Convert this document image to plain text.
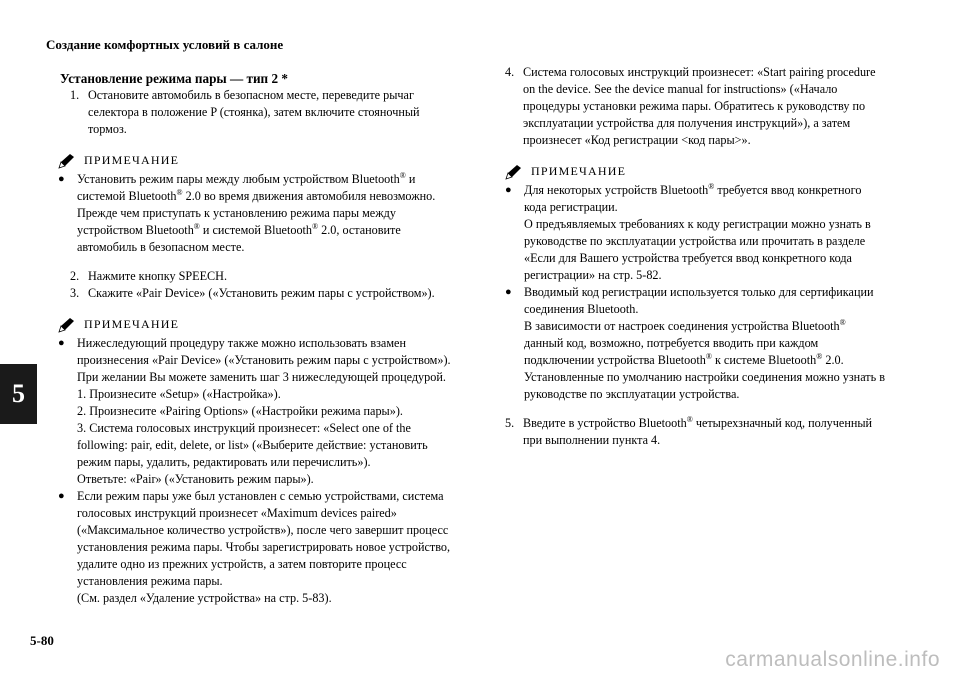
Создание комфортных условий в салоне
5
Установление режима пары — тип 2 *
1. Остановите автомобиль в безопасном месте, переведите рычаг селектора в положение P (стоянка), затем включите стояночный тормоз.
ПРИМЕЧАНИЕ
●	Установить режим пары между любым устройством Bluetooth® и системой Bluetooth® 2.0 во время движения автомобиля невозможно. Прежде чем приступать к установлению режима пары между устройством Bluetooth® и системой Bluetooth® 2.0, остановите автомобиль в безопасном месте.
2. Нажмите кнопку SPEECH.
3. Скажите «Pair Device» («Установить режим пары с устройством»).
ПРИМЕЧАНИЕ
●	Нижеследующий процедуру также можно использовать взамен произнесения «Pair Device» («Установить режим пары с устройством»).
При желании Вы можете заменить шаг 3 нижеследующей процедурой.
1. Произнесите «Setup» («Настройка»).
2. Произнесите «Pairing Options» («Настройки режима пары»).
3. Система голосовых инструкций произнесет: «Select one of the following: pair, edit, delete, or list» («Выберите действие: установить режим пары, удалить, редактировать или перечислить»).
Ответьте: «Pair» («Установить режим пары»).
●	Если режим пары уже был установлен с семью устройствами, система голосовых инструкций произнесет «Maximum devices paired» («Максимальное количество устройств»), после чего завершит процесс установления режима пары. Чтобы зарегистрировать новое устройство, удалите одно из прежних устройств, а затем повторите процесс установления режима пары.
(См. раздел «Удаление устройства» на стр. 5-83).
4. Система голосовых инструкций произнесет: «Start pairing procedure on the device. See the device manual for instructions» («Начало процедуры установки режима пары. Обратитесь к руководству по эксплуатации устройства для получения инструкций»), а затем произнесет «Код регистрации <код пары>».
ПРИМЕЧАНИЕ
●	Для некоторых устройств Bluetooth® требуется ввод конкретного кода регистрации.
О предъявляемых требованиях к коду регистрации можно узнать в руководстве по эксплуатации устройства или прочитать в разделе «Если для Вашего устройства требуется ввод конкретного кода регистрации» на стр. 5-82.
●	Вводимый код регистрации используется только для сертификации соединения Bluetooth.
В зависимости от настроек соединения устройства Bluetooth® данный код, возможно, потребуется вводить при каждом подключении устройства Bluetooth® к системе Bluetooth® 2.0.
Установленные по умолчанию настройки соединения можно узнать в руководстве по эксплуатации устройства.
5. Введите в устройство Bluetooth® четырехзначный код, полученный при выполнении пункта 4.
5-80
carmanualsonline.info
